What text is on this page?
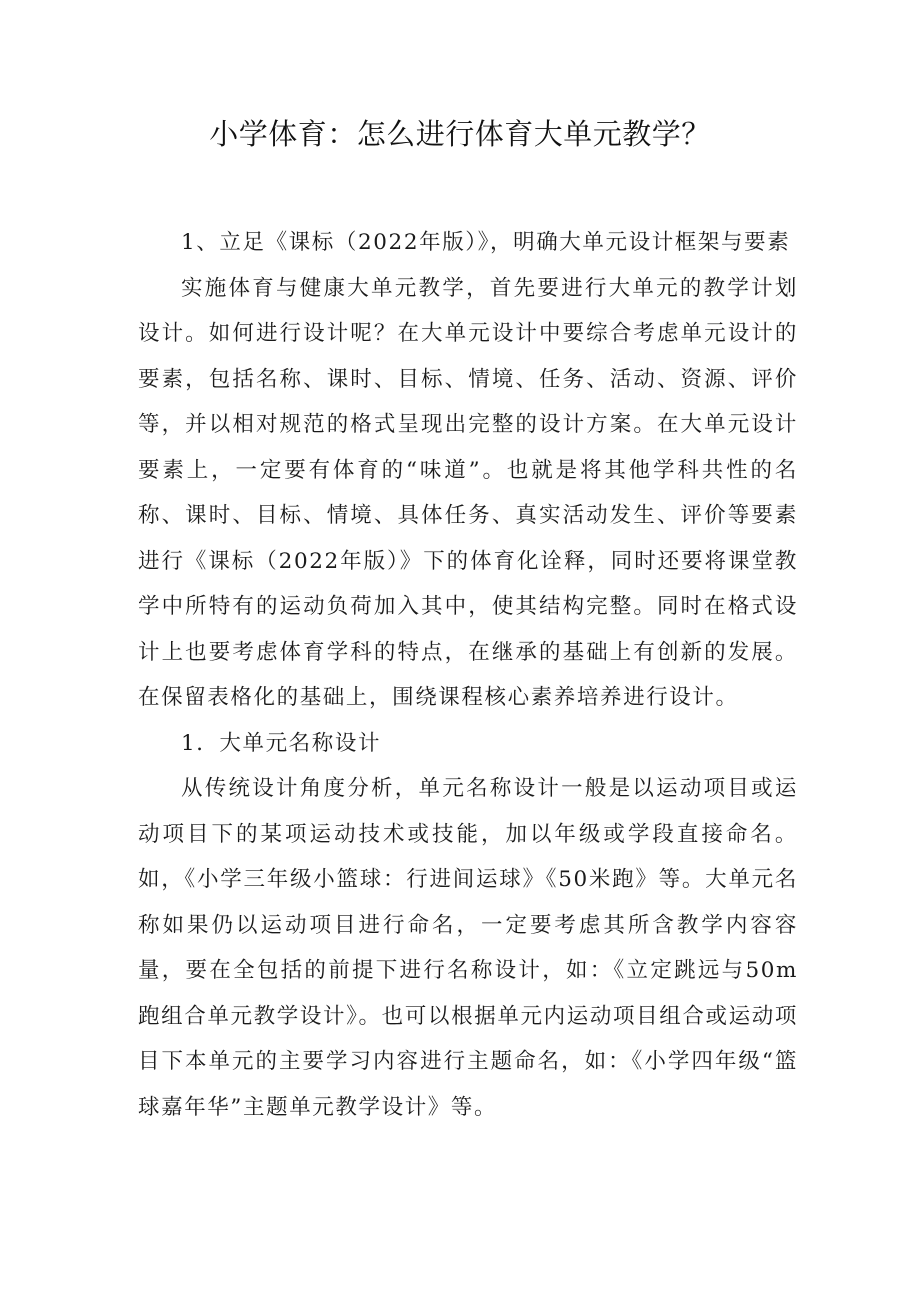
小学体育：怎么进行体育大单元教学？

1、立足《课标（2022年版）》，明确大单元设计框架与要素

实施体育与健康大单元教学，首先要进行大单元的教学计划设计。如何进行设计呢？在大单元设计中要综合考虑单元设计的要素，包括名称、课时、目标、情境、任务、活动、资源、评价等，并以相对规范的格式呈现出完整的设计方案。在大单元设计要素上，一定要有体育的“味道”。也就是将其他学科共性的名称、课时、目标、情境、具体任务、真实活动发生、评价等要素进行《课标（2022年版）》下的体育化诠释，同时还要将课堂教学中所特有的运动负荷加入其中，使其结构完整。同时在格式设计上也要考虑体育学科的特点，在继承的基础上有创新的发展。在保留表格化的基础上，围绕课程核心素养培养进行设计。

1．大单元名称设计

从传统设计角度分析，单元名称设计一般是以运动项目或运动项目下的某项运动技术或技能，加以年级或学段直接命名。如，《小学三年级小篮球：行进间运球》《50米跑》等。大单元名称如果仍以运动项目进行命名，一定要考虑其所含教学内容容量，要在全包括的前提下进行名称设计，如：《立定跳远与50m跑组合单元教学设计》。也可以根据单元内运动项目组合或运动项目下本单元的主要学习内容进行主题命名，如：《小学四年级“篮球嘉年华”主题单元教学设计》等。
